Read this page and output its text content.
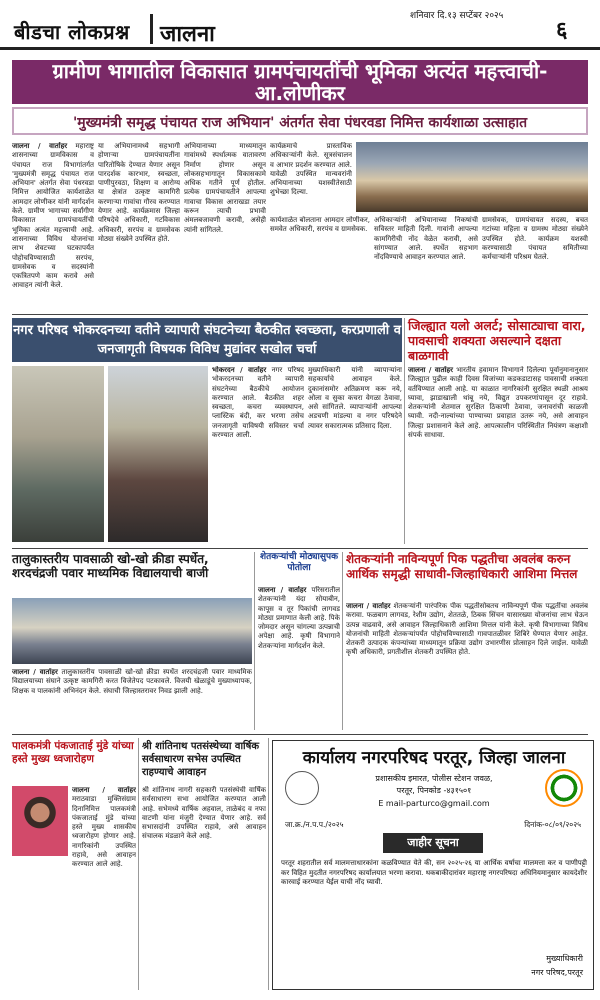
बीडचा लोकप्रश्न जालना
शनिवार दि.१३ सप्टेंबर २०२५
६
ग्रामीण भागातील विकासात ग्रामपंचायतींची भूमिका अत्यंत महत्त्वाची-आ.लोणीकर
'मुख्यमंत्री समृद्ध पंचायत राज अभियान' अंतर्गत सेवा पंधरवडा निमित्त कार्यशाळा उत्साहात
जालना / वार्ताहर महाराष्ट्र शासनाच्या ग्रामविकास व पंचायत राज विभागांतर्गत 'मुख्यमंत्री समृद्ध पंचायत राज अभियान' अंतर्गत सेवा पंधरवडा निमित्त आयोजित कार्यशाळेत आमदार लोणीकर यांनी मार्गदर्शन केले. ग्रामीण भागाच्या सर्वांगीण विकासात ग्रामपंचायतींची भूमिका अत्यंत महत्त्वाची आहे. शासनाच्या विविध योजनांचा लाभ शेवटच्या घटकापर्यंत पोहोचविण्यासाठी सरपंच, ग्रामसेवक व सदस्यांनी एकत्रितपणे काम करावे असे आवाहन त्यांनी केले.
या अभियानामध्ये सहभागी होणाऱ्या ग्रामपंचायतींना पारितोषिके देण्यात येणार असून पारदर्शक कारभार, स्वच्छता, पाणीपुरवठा, शिक्षण व आरोग्य या क्षेत्रांत उत्कृष्ट कामगिरी करणाऱ्या गावांचा गौरव करण्यात येणार आहे. कार्यक्रमास जिल्हा परिषदेचे अधिकारी, गटविकास अधिकारी, सरपंच व ग्रामसेवक मोठ्या संख्येने उपस्थित होते.
अभियानाच्या माध्यमातून गावांमध्ये स्पर्धात्मक वातावरण निर्माण होणार असून लोकसहभागातून विकासकामे अधिक गतीने पूर्ण होतील. प्रत्येक ग्रामपंचायतीने आपल्या गावाचा विकास आराखडा तयार करून त्याची प्रभावी अंमलबजावणी करावी, असेही त्यांनी सांगितले.
कार्यक्रमाचे प्रास्ताविक अधिकाऱ्यांनी केले. सूत्रसंचालन व आभार प्रदर्शन करण्यात आले. यावेळी उपस्थित मान्यवरांनी अभियानाच्या यशस्वीतेसाठी शुभेच्छा दिल्या.
कार्यशाळेत बोलताना आमदार लोणीकर, समवेत अधिकारी, सरपंच व ग्रामसेवक.
अधिकाऱ्यांनी अभियानाच्या निकषांची सविस्तर माहिती दिली. गावांनी आपल्या कामगिरीची नोंद वेळेत करावी, असे सांगण्यात आले. स्पर्धेत सहभाग नोंदविण्याचे आवाहन करण्यात आले.
ग्रामसेवक, ग्रामपंचायत सदस्य, बचत गटांच्या महिला व ग्रामस्थ मोठ्या संख्येने उपस्थित होते. कार्यक्रम यशस्वी करण्यासाठी पंचायत समितीच्या कर्मचाऱ्यांनी परिश्रम घेतले.
नगर परिषद भोकरदनच्या वतीने व्यापारी संघटनेच्या बैठकीत स्वच्छता, करप्रणाली व जनजागृती विषयक विविध मुद्यांवर सखोल चर्चा
भोकरदन / वार्ताहर नगर परिषद भोकरदनच्या वतीने व्यापारी संघटनेच्या बैठकीचे आयोजन करण्यात आले. बैठकीत शहर स्वच्छता, कचरा व्यवस्थापन, प्लास्टिक बंदी, कर भरणा तसेच जनजागृती याविषयी सविस्तर चर्चा करण्यात आली.
मुख्याधिकारी यांनी व्यापाऱ्यांना सहकार्याचे आवाहन केले. दुकानांसमोर अतिक्रमण करू नये, ओला व सुका कचरा वेगळा ठेवावा, असे सांगितले. व्यापाऱ्यांनी आपल्या अडचणी मांडल्या व नगर परिषदेने त्यावर सकारात्मक प्रतिसाद दिला.
जिल्ह्यात यलो अलर्ट; सोसाट्याचा वारा, पावसाची शक्यता असल्याने दक्षता बाळगावी
जालना / वार्ताहर भारतीय हवामान विभागाने दिलेल्या पूर्वानुमानानुसार जिल्ह्यात पुढील काही दिवस विजांच्या कडकडाटासह पावसाची शक्यता वर्तविण्यात आली आहे. या काळात नागरिकांनी सुरक्षित स्थळी आश्रय घ्यावा, झाडाखाली थांबू नये, विद्युत उपकरणांपासून दूर राहावे. शेतकऱ्यांनी शेतमाल सुरक्षित ठिकाणी ठेवावा, जनावरांची काळजी घ्यावी. नदी-नाल्यांच्या पाण्याच्या प्रवाहात उतरू नये, असे आवाहन जिल्हा प्रशासनाने केले आहे. आपत्कालीन परिस्थितीत नियंत्रण कक्षाशी संपर्क साधावा.
तालुकास्तरीय पावसाळी खो-खो क्रीडा स्पर्धेत, शरदचंद्रजी पवार माध्यमिक विद्यालयाची बाजी
जालना / वार्ताहर तालुकास्तरीय पावसाळी खो-खो क्रीडा स्पर्धेत शरदचंद्रजी पवार माध्यमिक विद्यालयाच्या संघाने उत्कृष्ट कामगिरी करत विजेतेपद पटकावले. विजयी खेळाडूंचे मुख्याध्यापक, शिक्षक व पालकांनी अभिनंदन केले. संघाची जिल्हास्तरावर निवड झाली आहे.
शेतकऱ्यांची मोठ्यासुपक पोतोला
जालना / वार्ताहर परिसरातील शेतकऱ्यांनी यंदा सोयाबीन, कापूस व तूर पिकांची लागवड मोठ्या प्रमाणात केली आहे. पिके जोमदार असून चांगल्या उत्पन्नाची अपेक्षा आहे. कृषी विभागाने शेतकऱ्यांना मार्गदर्शन केले.
शेतकऱ्यांनी नाविन्यपूर्ण पिक पद्धतीचा अवलंब करुन आर्थिक समृद्धी साधावी-जिल्हाधिकारी आशिमा मित्तल
जालना / वार्ताहर शेतकऱ्यांनी पारंपरिक पीक पद्धतीसोबतच नाविन्यपूर्ण पीक पद्धतींचा अवलंब करावा. फळबाग लागवड, रेशीम उद्योग, शेततळे, ठिबक सिंचन यासारख्या योजनांचा लाभ घेऊन उत्पन्न वाढवावे, असे आवाहन जिल्हाधिकारी आशिमा मित्तल यांनी केले. कृषी विभागाच्या विविध योजनांची माहिती शेतकऱ्यांपर्यंत पोहोचविण्यासाठी गावपातळीवर शिबिरे घेण्यात येणार आहेत. शेतकरी उत्पादक कंपन्यांच्या माध्यमातून प्रक्रिया उद्योग उभारणीस प्रोत्साहन दिले जाईल. यावेळी कृषी अधिकारी, प्रगतीशील शेतकरी उपस्थित होते.
पालकमंत्री पंकजाताई मुंडे यांच्या हस्ते मुख्य ध्वजारोहण
जालना / वार्ताहर मराठवाडा मुक्तिसंग्राम दिनानिमित्त पालकमंत्री पंकजाताई मुंडे यांच्या हस्ते मुख्य शासकीय ध्वजारोहण होणार आहे. नागरिकांनी उपस्थित राहावे, असे आवाहन करण्यात आले आहे.
श्री शांतिनाथ पतसंस्थेच्या वार्षिक सर्वसाधारण सभेस उपस्थित राहण्याचे आवाहन
श्री शांतिनाथ नागरी सहकारी पतसंस्थेची वार्षिक सर्वसाधारण सभा आयोजित करण्यात आली आहे. सभेमध्ये वार्षिक अहवाल, ताळेबंद व नफा वाटणी यांना मंजुरी देण्यात येणार आहे. सर्व सभासदांनी उपस्थित राहावे, असे आवाहन संचालक मंडळाने केले आहे.
कार्यालय नगरपरिषद परतूर, जिल्हा जालना
प्रशासकीय इमारत, पोलीस स्टेशन जवळ,
परतूर, पिनकोड -४३१५०१
E mail-parturco@gmail.com
जा.क्र./न.प.प./२०२५	दिनांक-०८/०९/२०२५
जाहीर सूचना
परतूर शहरातील सर्व मालमत्ताधारकांना कळविण्यात येते की, सन २०२५-२६ या आर्थिक वर्षाचा मालमत्ता कर व पाणीपट्टी कर विहित मुदतीत नगरपरिषद कार्यालयात भरणा करावा. थकबाकीदारांवर महाराष्ट्र नगरपरिषदा अधिनियमानुसार कायदेशीर कारवाई करण्यात येईल याची नोंद घ्यावी.
मुख्याधिकारी
नगर परिषद,परतूर
